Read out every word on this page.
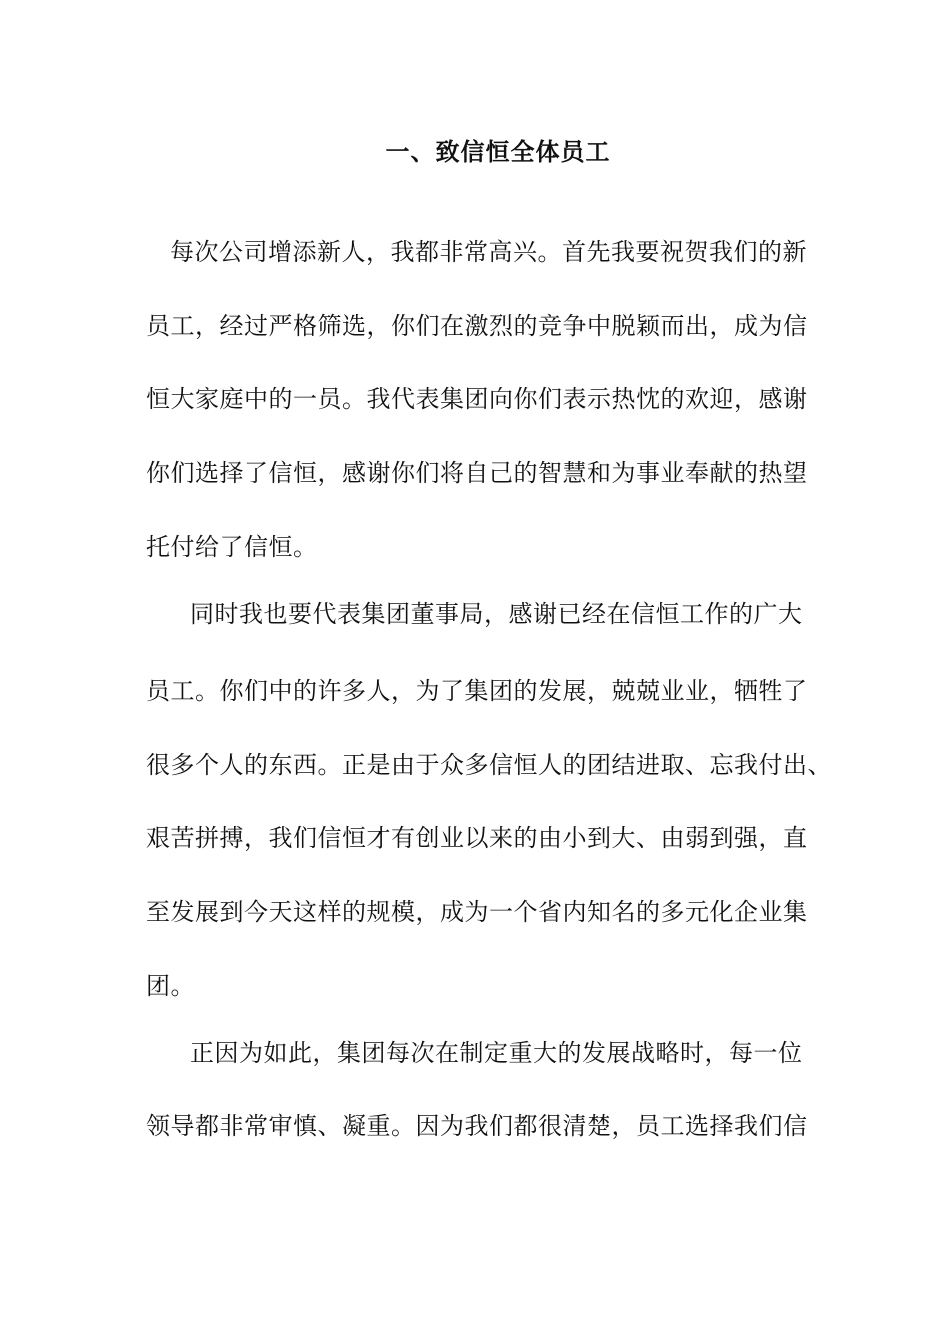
一、致信恒全体员工
每次公司增添新人，我都非常高兴。首先我要祝贺我们的新
员工，经过严格筛选，你们在激烈的竞争中脱颖而出，成为信
恒大家庭中的一员。我代表集团向你们表示热忱的欢迎，感谢
你们选择了信恒，感谢你们将自己的智慧和为事业奉献的热望
托付给了信恒。
同时我也要代表集团董事局，感谢已经在信恒工作的广大
员工。你们中的许多人，为了集团的发展，兢兢业业，牺牲了
很多个人的东西。正是由于众多信恒人的团结进取、忘我付出、
艰苦拼搏，我们信恒才有创业以来的由小到大、由弱到强，直
至发展到今天这样的规模，成为一个省内知名的多元化企业集
团。
正因为如此，集团每次在制定重大的发展战略时，每一位
领导都非常审慎、凝重。因为我们都很清楚，员工选择我们信
